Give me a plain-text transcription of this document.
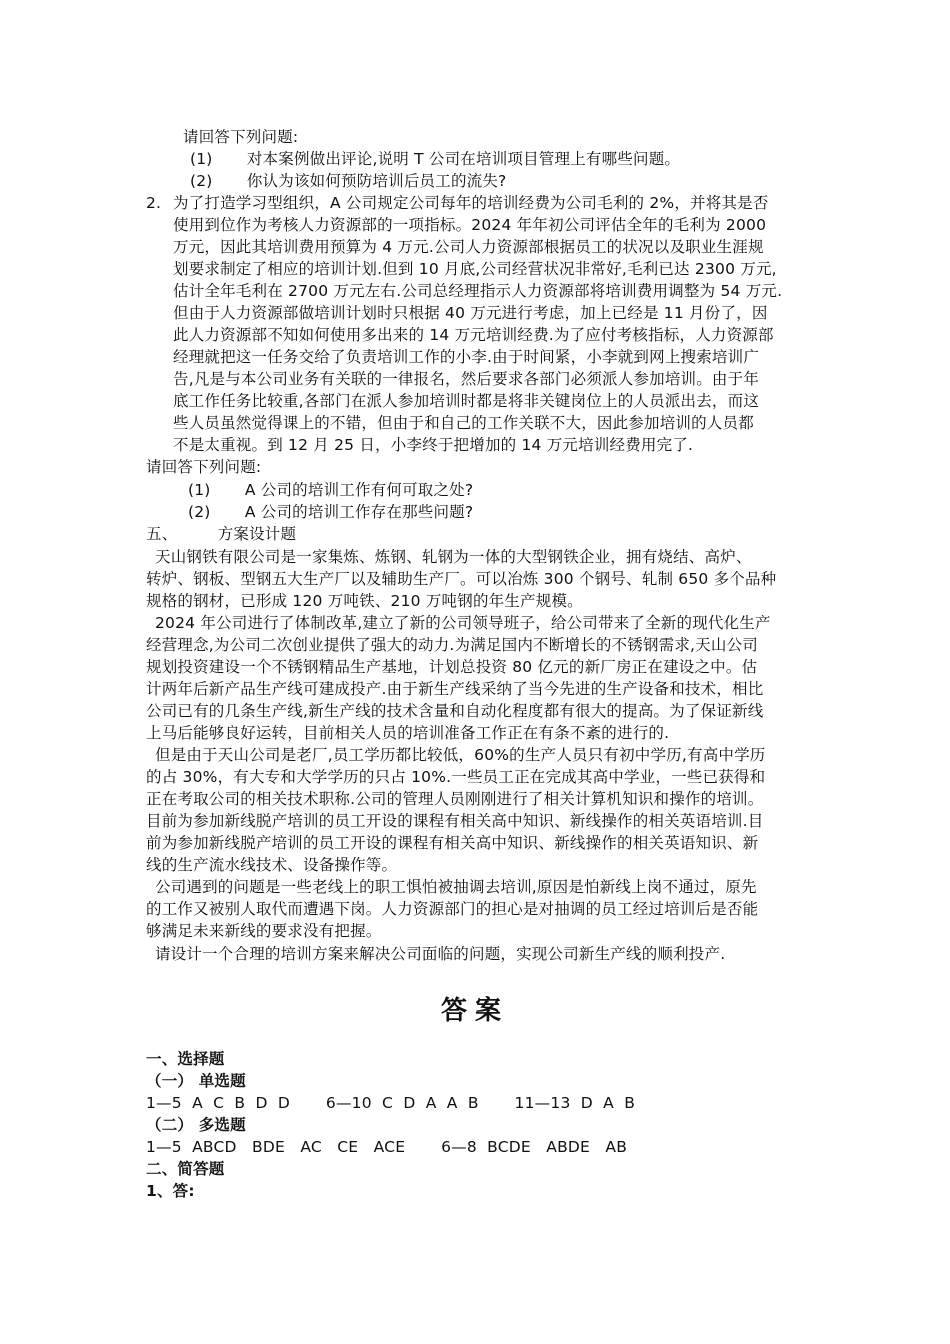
请回答下列问题:
(1) 对本案例做出评论,说明 T 公司在培训项目管理上有哪些问题。
(2) 你认为该如何预防培训后员工的流失?
2. 为了打造学习型组织，A 公司规定公司每年的培训经费为公司毛利的 2%，并将其是否
使用到位作为考核人力资源部的一项指标。2024 年年初公司评估全年的毛利为 2000
万元，因此其培训费用预算为 4 万元.公司人力资源部根据员工的状况以及职业生涯规
划要求制定了相应的培训计划.但到 10 月底,公司经营状况非常好,毛利已达 2300 万元,
估计全年毛利在 2700 万元左右.公司总经理指示人力资源部将培训费用调整为 54 万元.
但由于人力资源部做培训计划时只根据 40 万元进行考虑，加上已经是 11 月份了，因
此人力资源部不知如何使用多出来的 14 万元培训经费.为了应付考核指标，人力资源部
经理就把这一任务交给了负责培训工作的小李.由于时间紧，小李就到网上搜索培训广
告,凡是与本公司业务有关联的一律报名，然后要求各部门必须派人参加培训。由于年
底工作任务比较重,各部门在派人参加培训时都是将非关键岗位上的人员派出去，而这
些人员虽然觉得课上的不错，但由于和自己的工作关联不大，因此参加培训的人员都
不是太重视。到 12 月 25 日，小李终于把增加的 14 万元培训经费用完了.
请回答下列问题:
(1) A 公司的培训工作有何可取之处?
(2) A 公司的培训工作存在那些问题?
五、	方案设计题
天山钢铁有限公司是一家集炼、炼钢、轧钢为一体的大型钢铁企业，拥有烧结、高炉、
转炉、钢板、型钢五大生产厂以及辅助生产厂。可以冶炼 300 个钢号、轧制 650 多个品种
规格的钢材，已形成 120 万吨铁、210 万吨钢的年生产规模。
2024 年公司进行了体制改革,建立了新的公司领导班子，给公司带来了全新的现代化生产
经营理念,为公司二次创业提供了强大的动力.为满足国内不断增长的不锈钢需求,天山公司
规划投资建设一个不锈钢精品生产基地，计划总投资 80 亿元的新厂房正在建设之中。估
计两年后新产品生产线可建成投产.由于新生产线采纳了当今先进的生产设备和技术，相比
公司已有的几条生产线,新生产线的技术含量和自动化程度都有很大的提高。为了保证新线
上马后能够良好运转，目前相关人员的培训准备工作正在有条不紊的进行的.
但是由于天山公司是老厂,员工学历都比较低，60%的生产人员只有初中学历,有高中学历
的占 30%，有大专和大学学历的只占 10%.一些员工正在完成其高中学业，一些已获得和
正在考取公司的相关技术职称.公司的管理人员刚刚进行了相关计算机知识和操作的培训。
目前为参加新线脱产培训的员工开设的课程有相关高中知识、新线操作的相关英语培训.目
前为参加新线脱产培训的员工开设的课程有相关高中知识、新线操作的相关英语知识、新
线的生产流水线技术、设备操作等。
公司遇到的问题是一些老线上的职工惧怕被抽调去培训,原因是怕新线上岗不通过，原先
的工作又被别人取代而遭遇下岗。人力资源部门的担心是对抽调的员工经过培训后是否能
够满足未来新线的要求没有把握。
请设计一个合理的培训方案来解决公司面临的问题，实现公司新生产线的顺利投产.
答案
一、选择题
（一） 单选题
1—5  A  C  B  D  D       6—10  C  D  A  A  B       11—13  D  A  B
（二） 多选题
1—5  ABCD   BDE   AC   CE   ACE       6—8  BCDE   ABDE   AB
二、简答题
1、答:
